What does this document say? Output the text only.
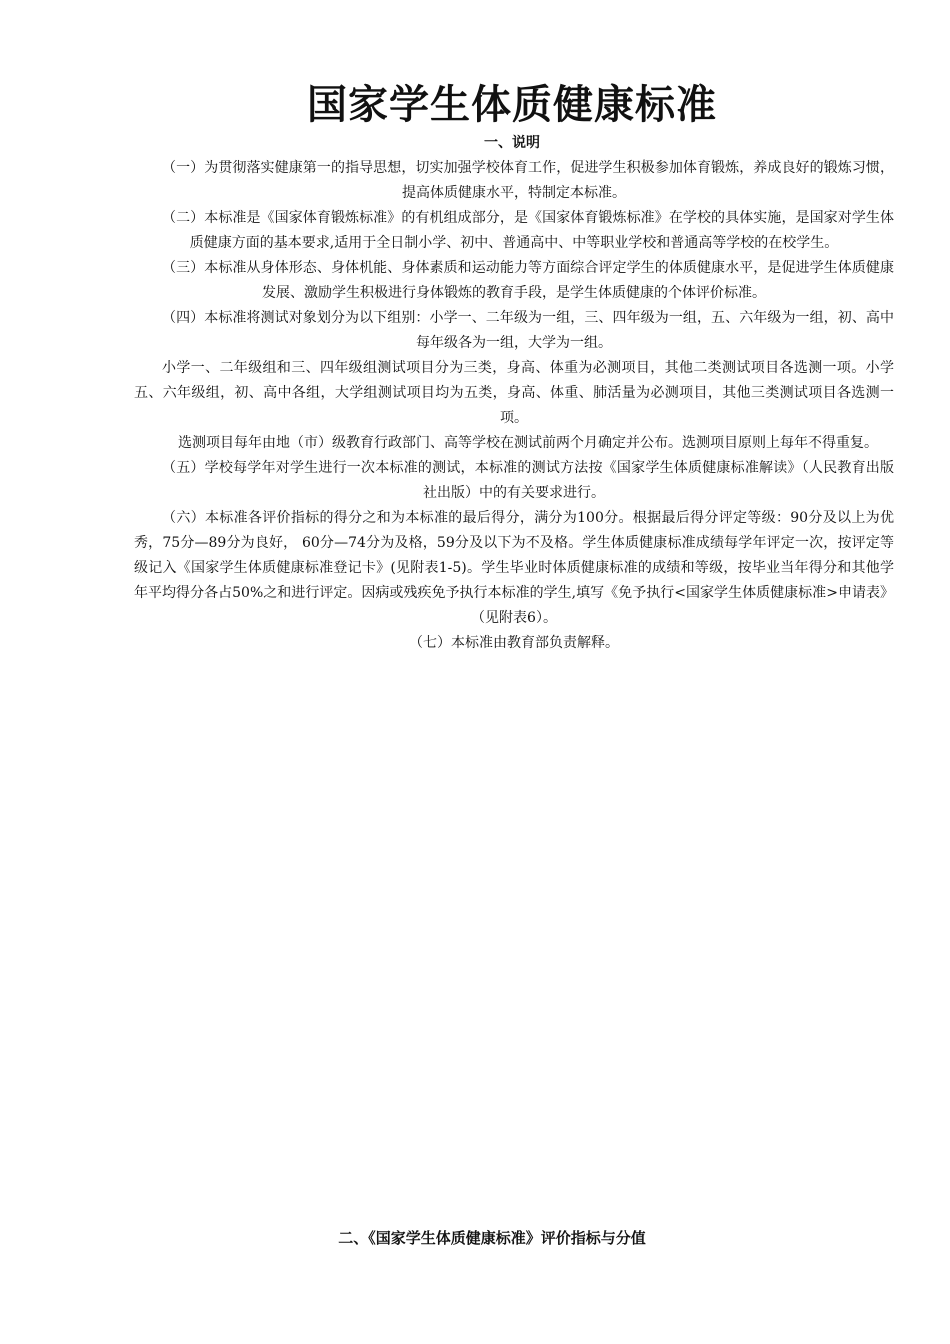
国家学生体质健康标准
一、说明

（一）为贯彻落实健康第一的指导思想，切实加强学校体育工作，促进学生积极参加体育锻炼，养成良好的锻炼习惯，提高体质健康水平，特制定本标准。

（二）本标准是《国家体育锻炼标准》的有机组成部分，是《国家体育锻炼标准》在学校的具体实施，是国家对学生体质健康方面的基本要求,适用于全日制小学、初中、普通高中、中等职业学校和普通高等学校的在校学生。

（三）本标准从身体形态、身体机能、身体素质和运动能力等方面综合评定学生的体质健康水平，是促进学生体质健康发展、激励学生积极进行身体锻炼的教育手段，是学生体质健康的个体评价标准。

（四）本标准将测试对象划分为以下组别：小学一、二年级为一组，三、四年级为一组，五、六年级为一组，初、高中每年级各为一组，大学为一组。

小学一、二年级组和三、四年级组测试项目分为三类，身高、体重为必测项目，其他二类测试项目各选测一项。小学五、六年级组，初、高中各组，大学组测试项目均为五类，身高、体重、肺活量为必测项目，其他三类测试项目各选测一项。

选测项目每年由地（市）级教育行政部门、高等学校在测试前两个月确定并公布。选测项目原则上每年不得重复。

（五）学校每学年对学生进行一次本标准的测试，本标准的测试方法按《国家学生体质健康标准解读》（人民教育出版社出版）中的有关要求进行。

（六）本标准各评价指标的得分之和为本标准的最后得分，满分为100分。根据最后得分评定等级：90分及以上为优秀，75分—89分为良好， 60分—74分为及格，59分及以下为不及格。学生体质健康标准成绩每学年评定一次，按评定等级记入《国家学生体质健康标准登记卡》(见附表1-5)。学生毕业时体质健康标准的成绩和等级，按毕业当年得分和其他学年平均得分各占50%之和进行评定。因病或残疾免予执行本标准的学生,填写《免予执行<国家学生体质健康标准>申请表》（见附表6）。

（七）本标准由教育部负责解释。

二、《国家学生体质健康标准》评价指标与分值
